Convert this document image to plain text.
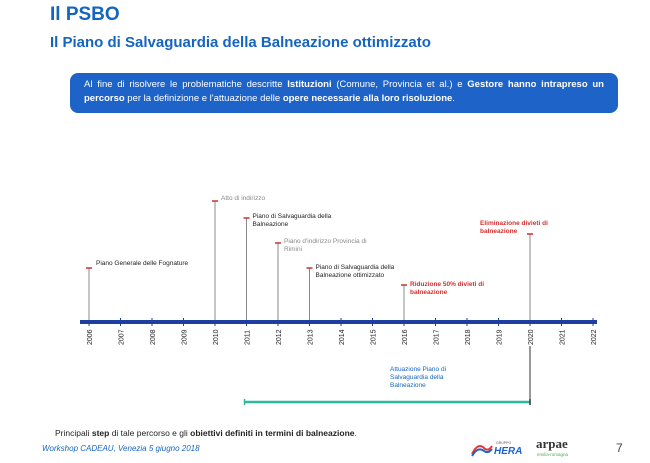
Il PSBO
Il Piano di Salvaguardia della Balneazione ottimizzato
Al fine di risolvere le problematiche descritte Istituzioni (Comune, Provincia et al.) e Gestore hanno intrapreso un percorso per la definizione e l'attuazione delle opere necessarie alla loro risoluzione.
2006	2007	2008	2009	2010	2011	2012	2013	2014	2015	2016	2017	2018	2019	2020	2021	2022
Piano Generale delle Fognature
Atto di indirizzo
Piano di Salvaguardia della Balneazione
Piano d'indirizzo Provincia di Rimini
Piano di Salvaguardia della Balneazione ottimizzato
Riduzione 50% divieti di balneazione
Eliminazione divieti di balneazione
Attuazione Piano di Salvaguardia della Balneazione
Principali step di tale percorso e gli obiettivi definiti in termini di balneazione.
Workshop CADEAU, Venezia 5 giugno 2018
GRUPPO
HERA
arpae
emilia-romagna	7
